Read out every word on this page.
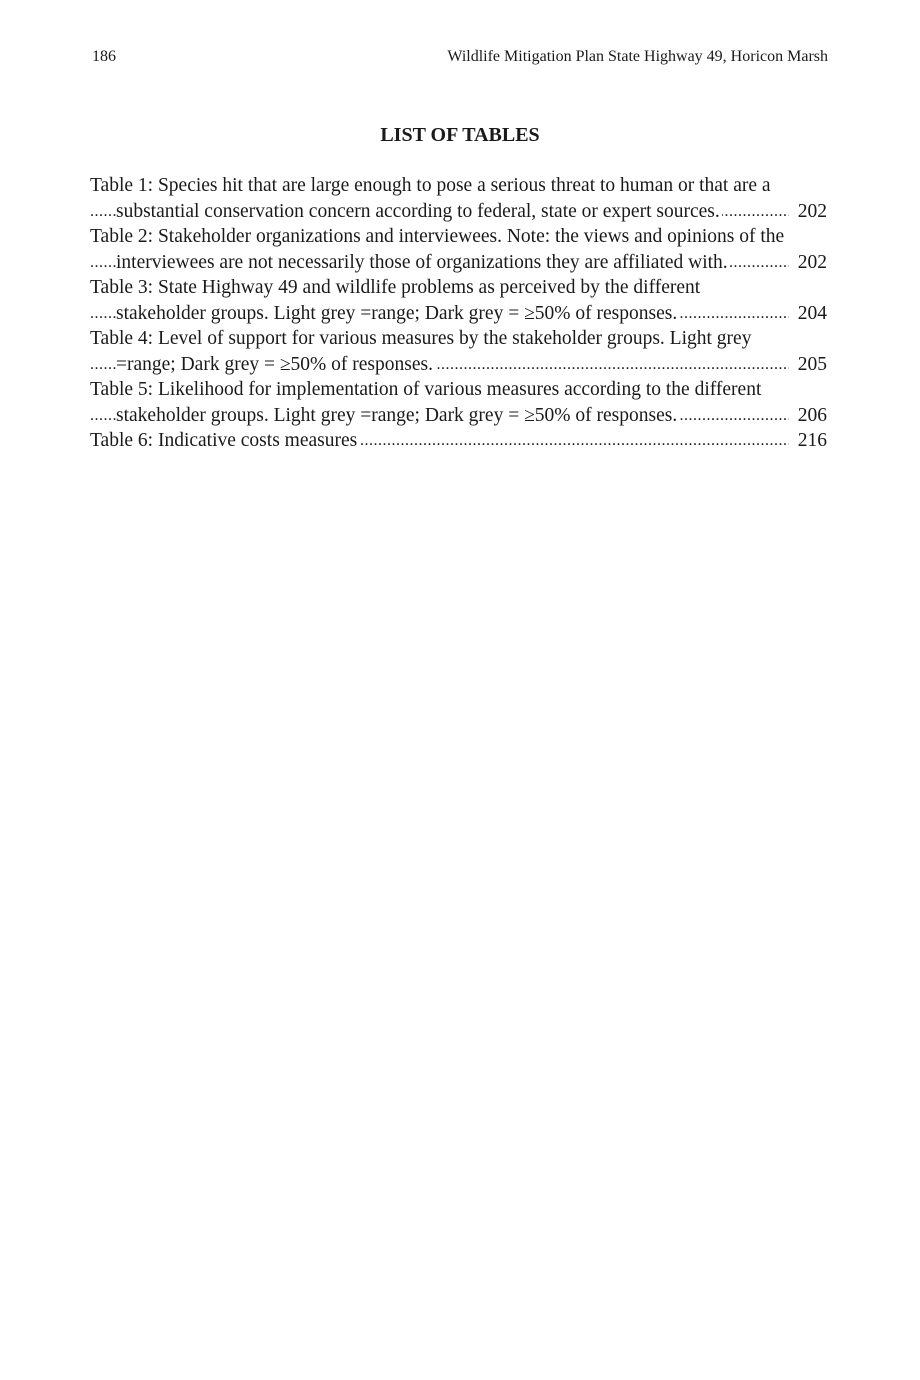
186	Wildlife Mitigation Plan State Highway 49, Horicon Marsh
LIST OF TABLES
.....
Table 1: Species hit that are large enough to pose a serious threat to human or that are a substantial conservation concern according to federal, state or expert sources.	202
.....
Table 2: Stakeholder organizations and interviewees. Note: the views and opinions of the interviewees are not necessarily those of organizations they are affiliated with.	202
.....
Table 3: State Highway 49 and wildlife problems as perceived by the different stakeholder groups. Light grey =range; Dark grey = ≥50% of responses.	204
.....
Table 4: Level of support for various measures by the stakeholder groups. Light grey =range; Dark grey = ≥50% of responses.	205
.....
Table 5: Likelihood for implementation of various measures according to the different stakeholder groups. Light grey =range; Dark grey = ≥50% of responses.	206
.....
Table 6: Indicative costs measures	216
